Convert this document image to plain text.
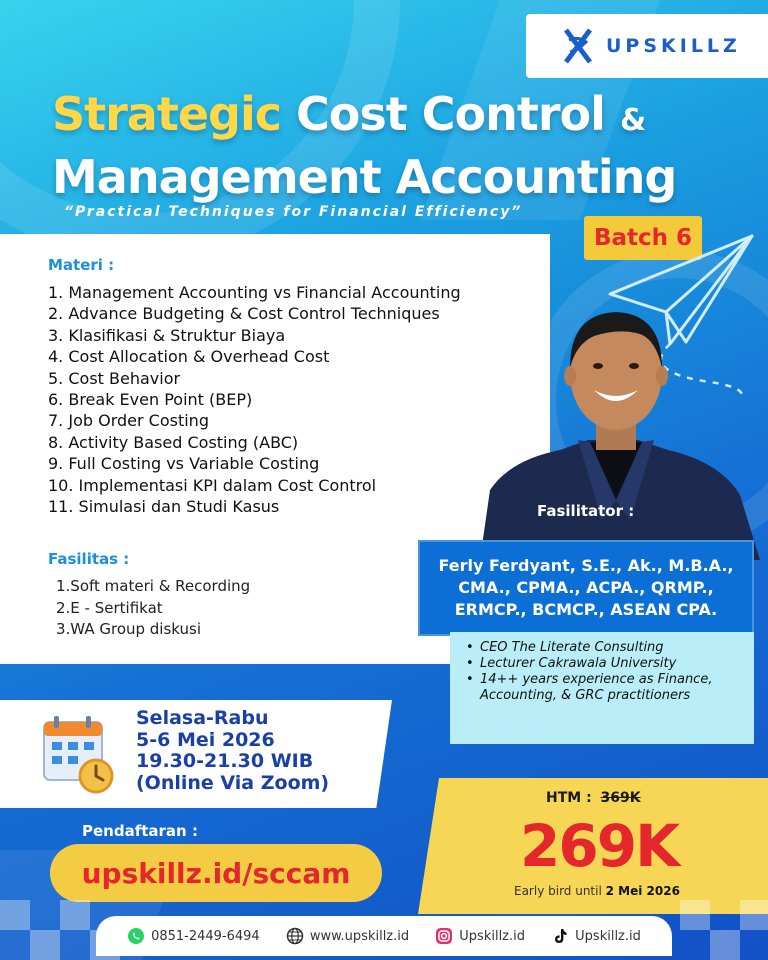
UPSKILLZ
Strategic Cost Control &
Management Accounting
“Practical Techniques for Financial Efficiency”
Materi :
1. Management Accounting vs Financial Accounting
2. Advance Budgeting & Cost Control Techniques
3. Klasifikasi & Struktur Biaya
4. Cost Allocation & Overhead Cost
5. Cost Behavior
6. Break Even Point (BEP)
7. Job Order Costing
8. Activity Based Costing (ABC)
9. Full Costing vs Variable Costing
10. Implementasi KPI dalam Cost Control
11. Simulasi dan Studi Kasus
Fasilitas :
1.Soft materi & Recording
2.E - Sertifikat
3.WA Group diskusi
Batch 6
Fasilitator :
Ferly Ferdyant, S.E., Ak., M.B.A.,
CMA., CPMA., ACPA., QRMP.,
ERMCP., BCMCP., ASEAN CPA.
• CEO The Literate Consulting
• Lecturer Cakrawala University
• 14++ years experience as Finance, Accounting, & GRC practitioners
Selasa-Rabu
5-6 Mei 2026
19.30-21.30 WIB
(Online Via Zoom)
HTM : 369K
269K
Early bird until 2 Mei 2026
Pendaftaran :
upskillz.id/sccam
0851-2449-6494	www.upskillz.id	Upskillz.id	Upskillz.id
